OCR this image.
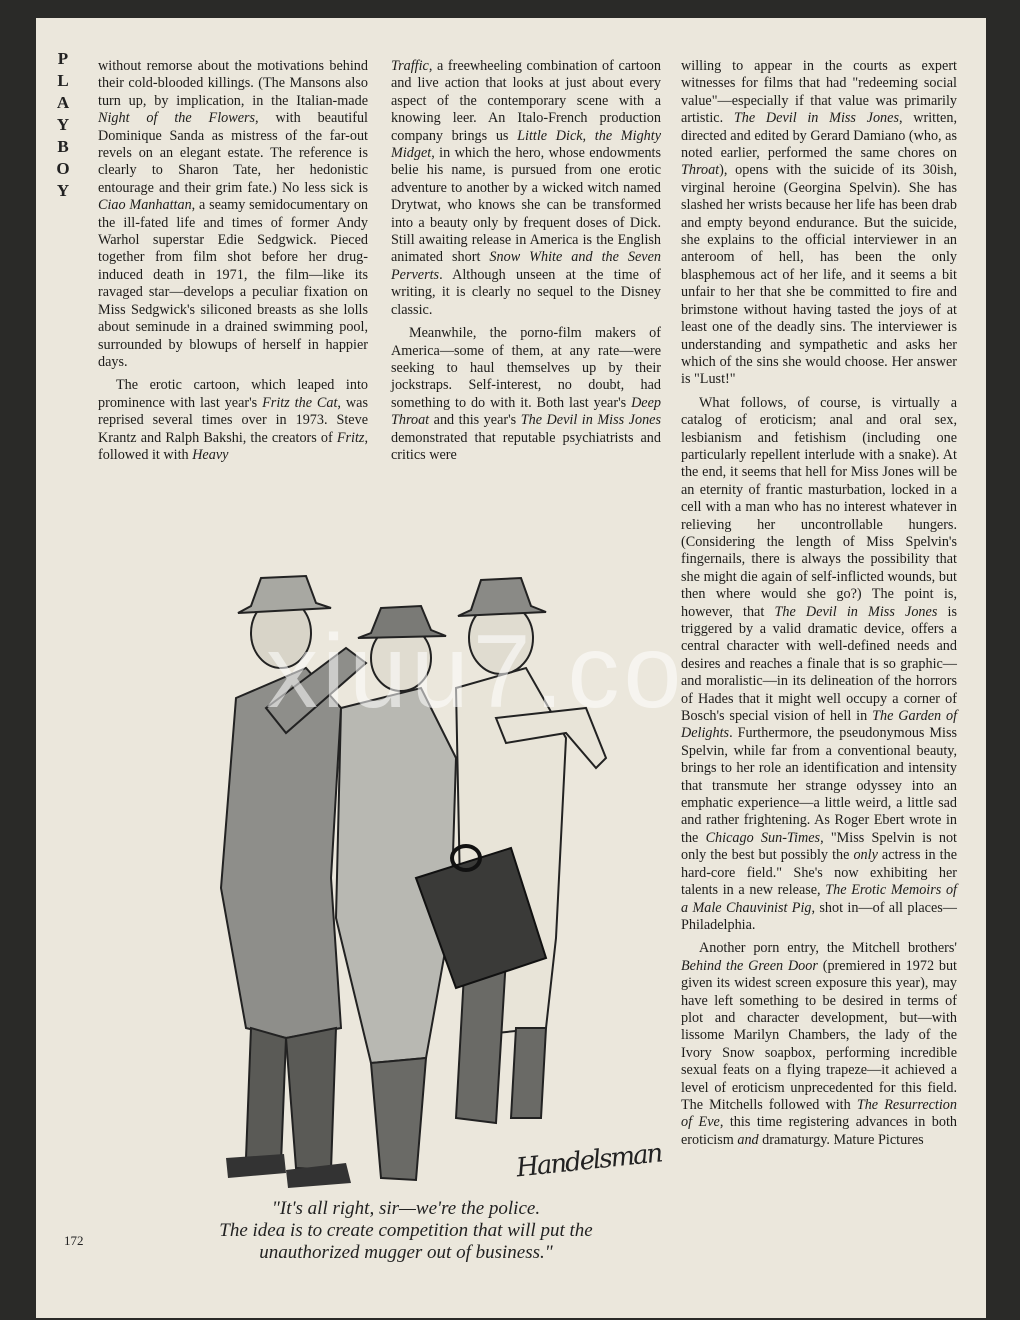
P
L
A
Y
B
O
Y

without remorse about the motivations behind their cold-blooded killings. (The Mansons also turn up, by implication, in the Italian-made Night of the Flowers, with beautiful Dominique Sanda as mistress of the far-out revels on an elegant estate. The reference is clearly to Sharon Tate, her hedonistic entourage and their grim fate.) No less sick is Ciao Manhattan, a seamy semidocumentary on the ill-fated life and times of former Andy Warhol superstar Edie Sedgwick. Pieced together from film shot before her drug-induced death in 1971, the film—like its ravaged star—develops a peculiar fixation on Miss Sedgwick's siliconed breasts as she lolls about seminude in a drained swimming pool, surrounded by blowups of herself in happier days.

The erotic cartoon, which leaped into prominence with last year's Fritz the Cat, was reprised several times over in 1973. Steve Krantz and Ralph Bakshi, the creators of Fritz, followed it with Heavy

Traffic, a freewheeling combination of cartoon and live action that looks at just about every aspect of the contemporary scene with a knowing leer. An Italo-French production company brings us Little Dick, the Mighty Midget, in which the hero, whose endowments belie his name, is pursued from one erotic adventure to another by a wicked witch named Drytwat, who knows she can be transformed into a beauty only by frequent doses of Dick. Still awaiting release in America is the English animated short Snow White and the Seven Perverts. Although unseen at the time of writing, it is clearly no sequel to the Disney classic.

Meanwhile, the porno-film makers of America—some of them, at any rate—were seeking to haul themselves up by their jockstraps. Self-interest, no doubt, had something to do with it. Both last year's Deep Throat and this year's The Devil in Miss Jones demonstrated that reputable psychiatrists and critics were

willing to appear in the courts as expert witnesses for films that had "redeeming social value"—especially if that value was primarily artistic. The Devil in Miss Jones, written, directed and edited by Gerard Damiano (who, as noted earlier, performed the same chores on Throat), opens with the suicide of its 30ish, virginal heroine (Georgina Spelvin). She has slashed her wrists because her life has been drab and empty beyond endurance. But the suicide, she explains to the official interviewer in an anteroom of hell, has been the only blasphemous act of her life, and it seems a bit unfair to her that she be committed to fire and brimstone without having tasted the joys of at least one of the deadly sins. The interviewer is understanding and sympathetic and asks her which of the sins she would choose. Her answer is "Lust!"

What follows, of course, is virtually a catalog of eroticism; anal and oral sex, lesbianism and fetishism (including one particularly repellent interlude with a snake). At the end, it seems that hell for Miss Jones will be an eternity of frantic masturbation, locked in a cell with a man who has no interest whatever in relieving her uncontrollable hungers. (Considering the length of Miss Spelvin's fingernails, there is always the possibility that she might die again of self-inflicted wounds, but then where would she go?) The point is, however, that The Devil in Miss Jones is triggered by a valid dramatic device, offers a central character with well-defined needs and desires and reaches a finale that is so graphic—and moralistic—in its delineation of the horrors of Hades that it might well occupy a corner of Bosch's special vision of hell in The Garden of Delights. Furthermore, the pseudonymous Miss Spelvin, while far from a conventional beauty, brings to her role an identification and intensity that transmute her strange odyssey into an emphatic experience—a little weird, a little sad and rather frightening. As Roger Ebert wrote in the Chicago Sun-Times, "Miss Spelvin is not only the best but possibly the only actress in the hard-core field." She's now exhibiting her talents in a new release, The Erotic Memoirs of a Male Chauvinist Pig, shot in—of all places—Philadelphia.

Another porn entry, the Mitchell brothers' Behind the Green Door (premiered in 1972 but given its widest screen exposure this year), may have left something to be desired in terms of plot and character development, but—with lissome Marilyn Chambers, the lady of the Ivory Snow soapbox, performing incredible sexual feats on a flying trapeze—it achieved a level of eroticism unprecedented for this field. The Mitchells followed with The Resurrection of Eve, this time registering advances in both eroticism and dramaturgy. Mature Pictures

Handelsman
xiuu7.co
"It's all right, sir—we're the police.
The idea is to create competition that will put the
unauthorized mugger out of business."
172
